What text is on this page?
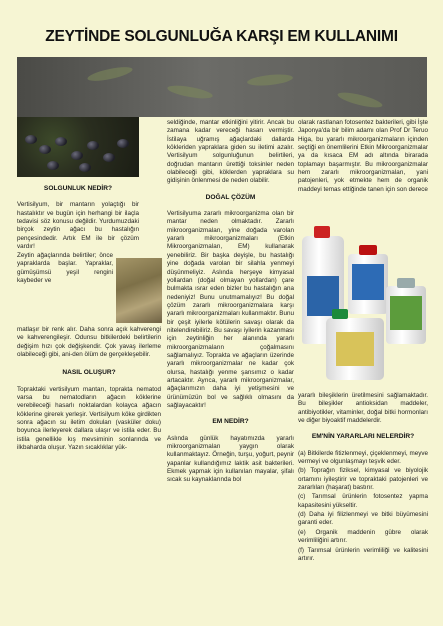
ZEYTİNDE SOLGUNLUĞA KARŞI EM KULLANIMI
SOLGUNLUK NEDİR?

Vertisilyum, bir mantarın yolaçtığı bir hastalıktır ve bugün için herhangi bir ilaçla tedavisi söz konusu değildir. Yurdumuzdaki birçok zeytin ağacı bu hastalığın pençesindedir. Artık EM ile bir çözüm vardır!

Zeytin ağaçlarında belirtiler; önce yapraklarda başlar. Yapraklar, gümüşümsü yeşil rengini kaybeder ve

matlaşır bir renk alır. Daha sonra açık kahverengi ve kahverengileşir. Odunsu bitkilerdeki belirtilerin değişim hızı çok değişkendir. Çok yavaş ilerleme olabileceği gibi, ani-den ölüm de gerçekleşebilir.

NASIL OLUŞUR?

Topraktaki vertisilyum mantarı, toprakta nematod varsa bu nematodların ağacın köklerine verebileceği hasarlı noktalardan kolayca ağacın köklerine girerek yerleşir. Vertisilyum köke girdikten sonra ağacın su iletim dokuları (vasküler doku) boyunca ilerleyerek dallara ulaşır ve istila eder. Bu istila genellikle kış mevsiminin sonlarında ve ilkbaharda oluşur. Yazın sıcaklıklar yük-

seldiğinde, mantar etkinliğini yitirir. Ancak bu zamana kadar vereceği hasarı vermiştir. İstilaya uğramış ağaçlardaki dallarda kökleriden yapraklara giden su iletimi azalır. Vertisilyum solgunluğunun belirtileri, doğrudan mantarın ürettiği toksinler neden olabileceği gibi, köklerden yapraklara su gidişinin önlenmesi de neden olabilir.

DOĞAL ÇÖZÜM

Vertisilyuma zararlı mikroorganizma olan bir mantar neden olmaktadır. Zararlı mikroorganizmaları, yine doğada varolan yararlı mikroorganizmaları (Etkin Mikroorganizmaları, EM) kullanarak yenebiliriz. Bir başka deyişle, bu hastalığı yine doğada varolan bir silahla yenmeyi düşünmeliyiz. Aslında herşeye kimyasal yollardan (doğal olmayan yollardan) çare bulmakta ısrar eden bizler bu hastalığın ana nedeniyiz! Bunu unutmamalıyız! Bu doğal çözüm zararlı mikroorganizmalara karşı yararlı mikroorganizmaları kullanmaktır. Bunu bir çeşit iyilerle kötülerin savaşı olarak da nitelendirebiliriz. Bu savaşı iyilerin kazanması için zeytinliğin her alanında yararlı mikroorganizmaların çoğalmasını sağlamalıyız. Toprakta ve ağaçların üzerinde yararlı mikroorganizmalar ne kadar çok olursa, hastalığı yenme şansımız o kadar artacaktır. Ayrıca, yararlı mikroorganizmalar, ağaçlarımızın daha iyi yetişmesini ve ürünümüzün bol ve sağlıklı olmasını da sağlayacaktır!

EM NEDİR?

Aslında günlük hayatımızda yararlı mikroorganizmaları yaygın olarak kullanmaktayız. Örneğin, turşu, yoğurt, peynir yapanlar kullandığımız laktik asit bakterileri. Ekmek yapmak için kullanılan mayalar, şifalı sıcak su kaynaklarında bol

olarak rastlanan fotosentez bakterileri, gibi İşte Japonya'da bir bilim adamı olan Prof Dr Teruo Higa, bu yararlı mikroorganizmaların içinden seçtiği en önemlilerini Etkin Mikroorganizmalar ya da kısaca EM adı altında birarada toplamayı başarmıştır. Bu mikroorganizmalar hem zararlı mikroorganizmaları, yani patojenleri, yok etmekte hem de organik maddeyi temas ettiğinde tanen için son derece

yararlı bileşiklerin üretilmesini sağlamaktadır. Bu bileşikler antioksidan maddeler, antibiyotikler, vitaminler, doğal bitki hormonları ve diğer biyoaktif maddelerdir.

EM'NİN YARARLARI NELERDİR?
(a) Bitkilerde fitizlenmeyi, çiçeklenmeyi, meyve vermeyi ve olgunlaşmayı teşvik eder.
(b) Toprağın fiziksel, kimyasal ve biyolojik ortamını iyileştirir ve topraktaki patojenleri ve zararlıları (haşarat) bastırır.
(c) Tarımsal ürünlerin fotosentez yapma kapasitesini yükseltir.
(d) Daha iyi filizlenmeyi ve bitki büyümesini garanti eder.
(e) Organik maddenin gübre olarak verimliliğini artırır.
(f) Tarımsal ürünlerin verimliliği ve kalitesini artırır.
